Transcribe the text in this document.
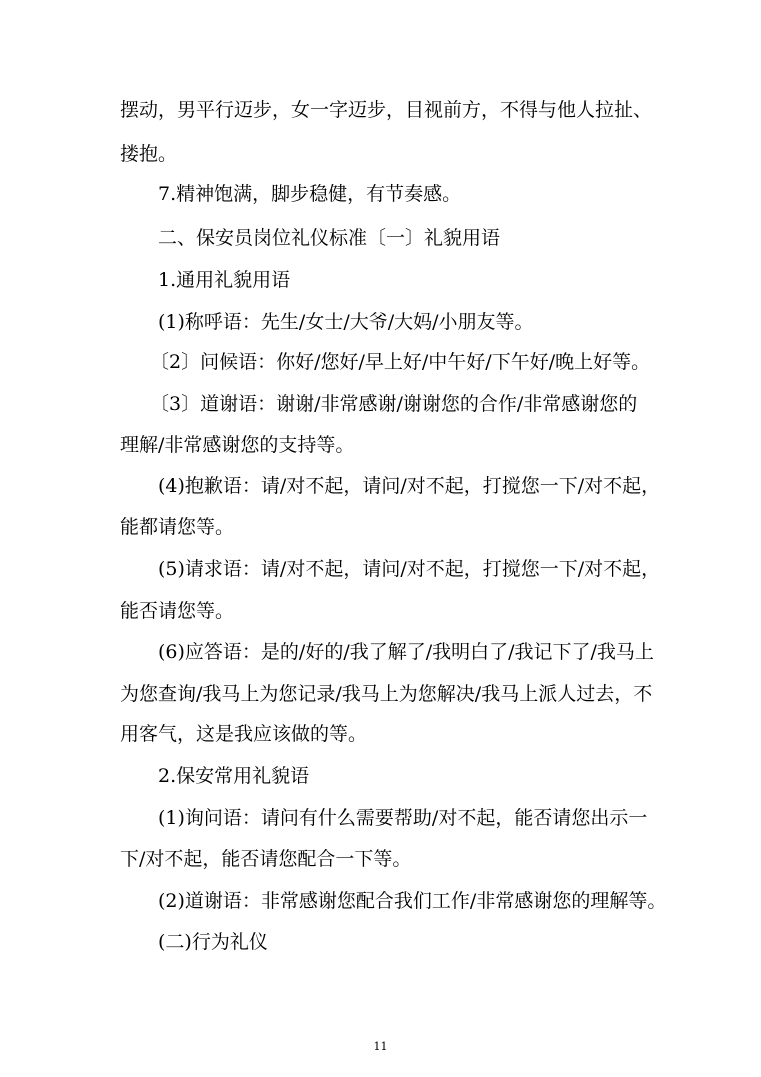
摆动，男平行迈步，女一字迈步，目视前方，不得与他人拉扯、
搂抱。
7.精神饱满，脚步稳健，有节奏感。
二、保安员岗位礼仪标准〔一〕礼貌用语
1.通用礼貌用语
(1)称呼语：先生/女士/大爷/大妈/小朋友等。
〔2〕问候语：你好/您好/早上好/中午好/下午好/晚上好等。
〔3〕道谢语：谢谢/非常感谢/谢谢您的合作/非常感谢您的
理解/非常感谢您的支持等。
(4)抱歉语：请/对不起，请问/对不起，打搅您一下/对不起，
能都请您等。
(5)请求语：请/对不起，请问/对不起，打搅您一下/对不起，
能否请您等。
(6)应答语：是的/好的/我了解了/我明白了/我记下了/我马上
为您查询/我马上为您记录/我马上为您解决/我马上派人过去，不
用客气，这是我应该做的等。
2.保安常用礼貌语
(1)询问语：请问有什么需要帮助/对不起，能否请您出示一
下/对不起，能否请您配合一下等。
(2)道谢语：非常感谢您配合我们工作/非常感谢您的理解等。
(二)行为礼仪
11
